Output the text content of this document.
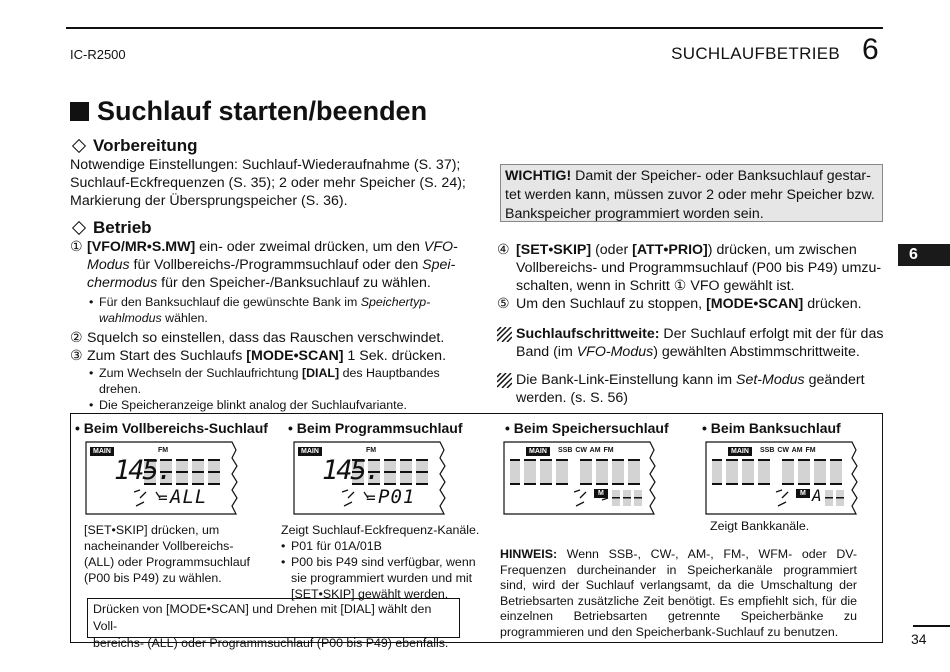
IC-R2500	SUCHLAUFBETRIEB 6
6
Suchlauf starten/beenden
Vorbereitung
Notwendige Einstellungen: Suchlauf-Wiederaufnahme (S. 37);
Suchlauf-Eckfrequenzen (S. 35); 2 oder mehr Speicher (S. 24);
Markierung der Übersprungspeicher (S. 36).
WICHTIG! Damit der Speicher- oder Banksuchlauf gestar-
tet werden kann, müssen zuvor 2 oder mehr Speicher bzw.
Bankspeicher programmiert worden sein.
Betrieb
① [VFO/MR•S.MW] ein- oder zweimal drücken, um den VFO-
Modus für Vollbereichs-/Programmsuchlauf oder den Spei-
chermodus für den Speicher-/Banksuchlauf zu wählen.
• Für den Banksuchlauf die gewünschte Bank im Speichertyp-
wahlmodus wählen.
② Squelch so einstellen, dass das Rauschen verschwindet.
③ Zum Start des Suchlaufs [MODE•SCAN] 1 Sek. drücken.
• Zum Wechseln der Suchlaufrichtung [DIAL] des Hauptbandes
drehen.
• Die Speicheranzeige blinkt analog der Suchlaufvariante.
④ [SET•SKIP] (oder [ATT•PRIO]) drücken, um zwischen
Vollbereichs- und Programmsuchlauf (P00 bis P49) umzu-
schalten, wenn in Schritt ① VFO gewählt ist.
⑤ Um den Suchlauf zu stoppen, [MODE•SCAN] drücken.
Suchlaufschrittweite: Der Suchlauf erfolgt mit der für das
Band (im VFO-Modus) gewählten Abstimmschrittweite.
Die Bank-Link-Einstellung kann im Set-Modus geändert
werden. (s. S. 56)
• Beim Vollbereichs-Suchlauf • Beim Programmsuchlauf	• Beim Speichersuchlauf • Beim Banksuchlauf
MAIN	FM
145.
ALL
=
MAIN	FM
145.
P01
=
MAIN	SSB CW AM FM
M
MAIN	SSB CW AM FM
M A
[SET•SKIP] drücken, um
nacheinander Vollbereichs-
(ALL) oder Programmsuchlauf
(P00 bis P49) zu wählen.
Zeigt Suchlauf-Eckfrequenz-Kanäle.
• P01 für 01A/01B
• P00 bis P49 sind verfügbar, wenn
sie programmiert wurden und mit
[SET•SKIP] gewählt werden.
Zeigt Bankkanäle.
Drücken von [MODE•SCAN] und Drehen mit [DIAL] wählt den Voll-
bereichs- (ALL) oder Programmsuchlauf (P00 bis P49) ebenfalls.
HINWEIS: Wenn SSB-, CW-, AM-, FM-, WFM- oder DV-Frequenzen durcheinander in Speicherkanäle programmiert sind, wird der Suchlauf verlangsamt, da die Umschaltung der Betriebsarten zusätzliche Zeit benötigt. Es empfiehlt sich, für die einzelnen Betriebsarten getrennte Speicherbänke zu programmieren und den Speicherbank-Suchlauf zu benutzen.	34
